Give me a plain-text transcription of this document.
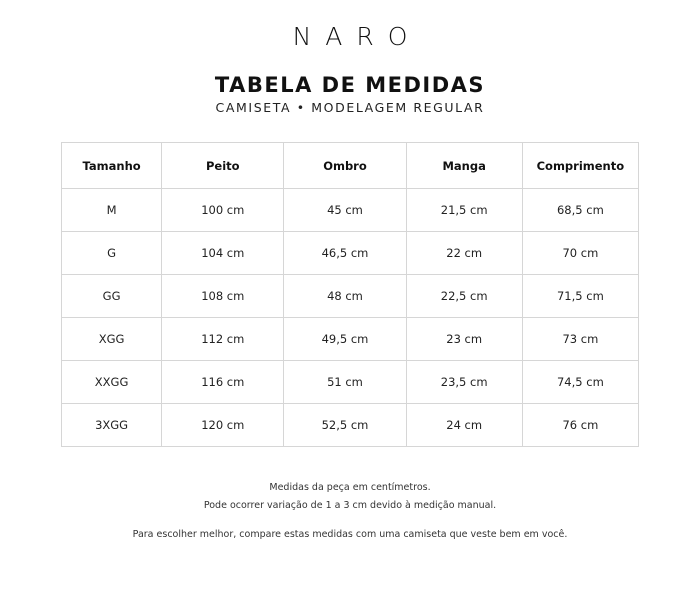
NARO
TABELA DE MEDIDAS
CAMISETA • MODELAGEM REGULAR
Tamanho	Peito	Ombro	Manga	Comprimento
M	100 cm	45 cm	21,5 cm	68,5 cm
G	104 cm	46,5 cm	22 cm	70 cm
GG	108 cm	48 cm	22,5 cm	71,5 cm
XGG	112 cm	49,5 cm	23 cm	73 cm
XXGG	116 cm	51 cm	23,5 cm	74,5 cm
3XGG	120 cm	52,5 cm	24 cm	76 cm

Medidas da peça em centímetros.

Pode ocorrer variação de 1 a 3 cm devido à medição manual.

Para escolher melhor, compare estas medidas com uma camiseta que veste bem em você.
